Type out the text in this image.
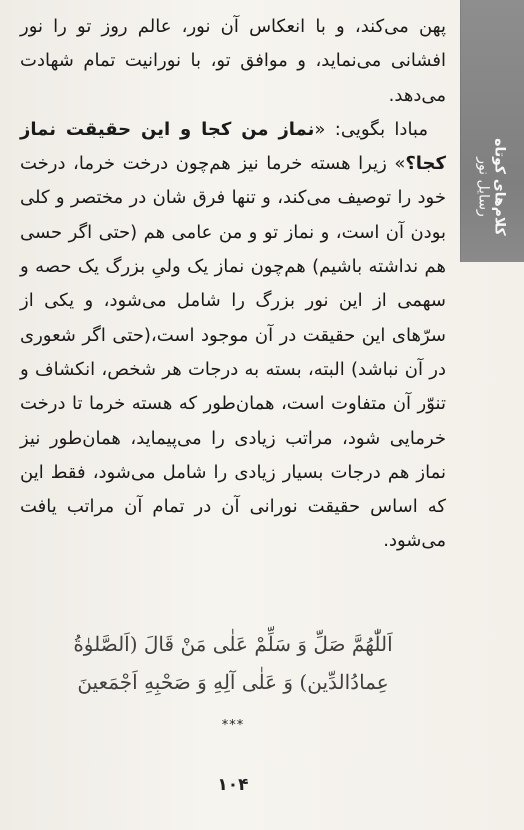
کلام‌های کوتاه
رسایل نور

پهن می‌کند، و با انعکاس آن نور، عالم روز تو را نور افشانی می‌نماید، و موافق تو، با نورانیت تمام شهادت می‌دهد.

مبادا بگویی: «نماز من کجا و این حقیقت نماز کجا؟» زیرا هسته خرما نیز هم‌چون درخت خرما، درخت خود را توصیف می‌کند، و تنها فرق شان در مختصر و کلی بودن آن است، و نماز تو و من عامی هم (حتی اگر حسی هم نداشته باشیم) هم‌چون نماز یک ولیِ بزرگ یک حصه و سهمی از این نور بزرگ را شامل می‌شود، و یکی از سرّهای این حقیقت در آن موجود است،(حتی اگر شعوری در آن نباشد) البته، بسته به درجات هر شخص، انکشاف و تنوّر آن متفاوت است، همان‌طور که هسته خرما تا درخت خرمایی شود، مراتب زیادی را می‌پیماید، همان‌طور نیز نماز هم درجات بسیار زیادی را شامل می‌شود، فقط این که اساس حقیقت نورانی آن در تمام آن مراتب یافت می‌شود.

اَللّٰهُمَّ صَلِّ وَ سَلِّمْ عَلٰى مَنْ قَالَ (اَلصَّلوٰةُ
عِمادُالدِّين) وَ عَلٰى آلِهِ وَ صَحْبِهِ اَجْمَعينَ
***
۱۰۴
